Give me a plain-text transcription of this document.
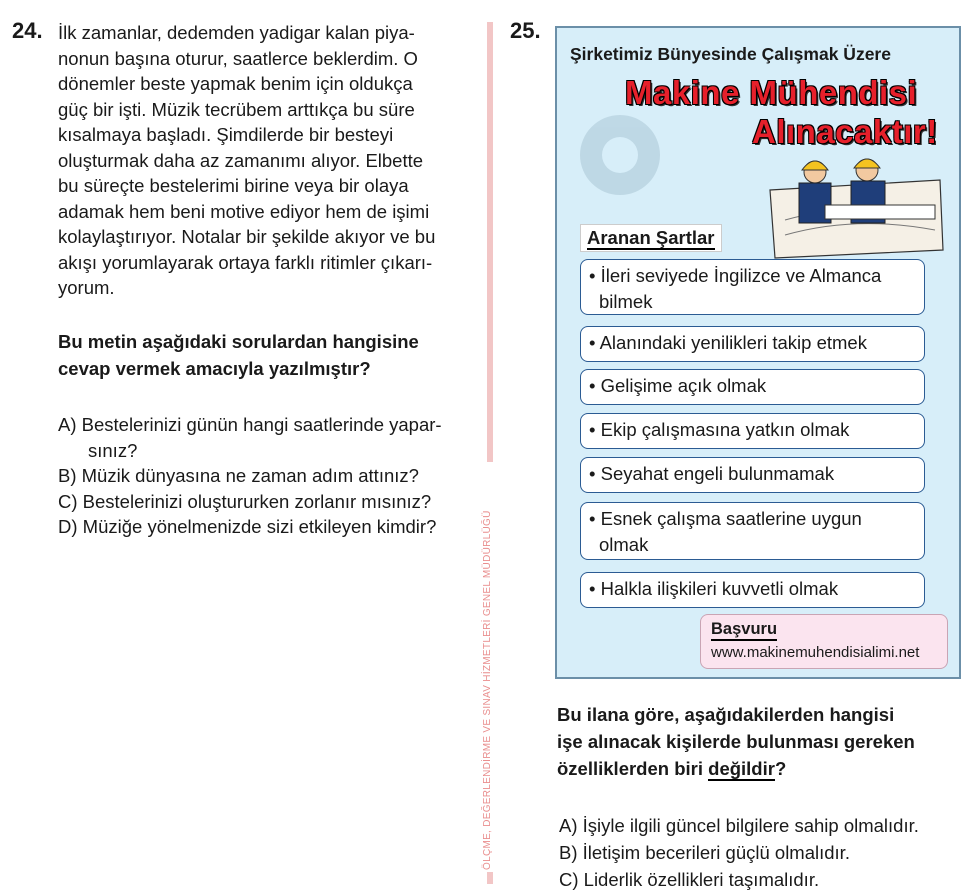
24. İlk zamanlar, dedemden yadigar kalan piya-
nonun başına oturur, saatlerce beklerdim. O
dönemler beste yapmak benim için oldukça
güç bir işti. Müzik tecrübem arttıkça bu süre
kısalmaya başladı. Şimdilerde bir besteyi
oluşturmak daha az zamanımı alıyor. Elbette
bu süreçte bestelerimi birine veya bir olaya
adamak hem beni motive ediyor hem de işimi
kolaylaştırıyor. Notalar bir şekilde akıyor ve bu
akışı yorumlayarak ortaya farklı ritimler çıkarı-
yorum.
Bu metin aşağıdaki sorulardan hangisine
cevap vermek amacıyla yazılmıştır?
A) Bestelerinizi günün hangi saatlerinde yapar-
sınız?
B) Müzik dünyasına ne zaman adım attınız?
C) Bestelerinizi oluştururken zorlanır mısınız?
D) Müziğe yönelmenizde sizi etkileyen kimdir?	ÖLÇME, DEĞERLENDİRME VE SINAV HİZMETLERİ GENEL MÜDÜRLÜĞÜ
25.
Şirketimiz Bünyesinde Çalışmak Üzere
Makine Mühendisi
Alınacaktır!
Aranan Şartlar
• İleri seviyede İngilizce ve Almanca
bilmek
• Alanındaki yenilikleri takip etmek
• Gelişime açık olmak
• Ekip çalışmasına yatkın olmak
• Seyahat engeli bulunmamak
• Esnek çalışma saatlerine uygun
olmak
• Halkla ilişkileri kuvvetli olmak
Başvuru
www.makinemuhendisialimi.net
Bu ilana göre, aşağıdakilerden hangisi
işe alınacak kişilerde bulunması gereken
özelliklerden biri değildir?
A) İşiyle ilgili güncel bilgilere sahip olmalıdır.
B) İletişim becerileri güçlü olmalıdır.
C) Liderlik özellikleri taşımalıdır.
